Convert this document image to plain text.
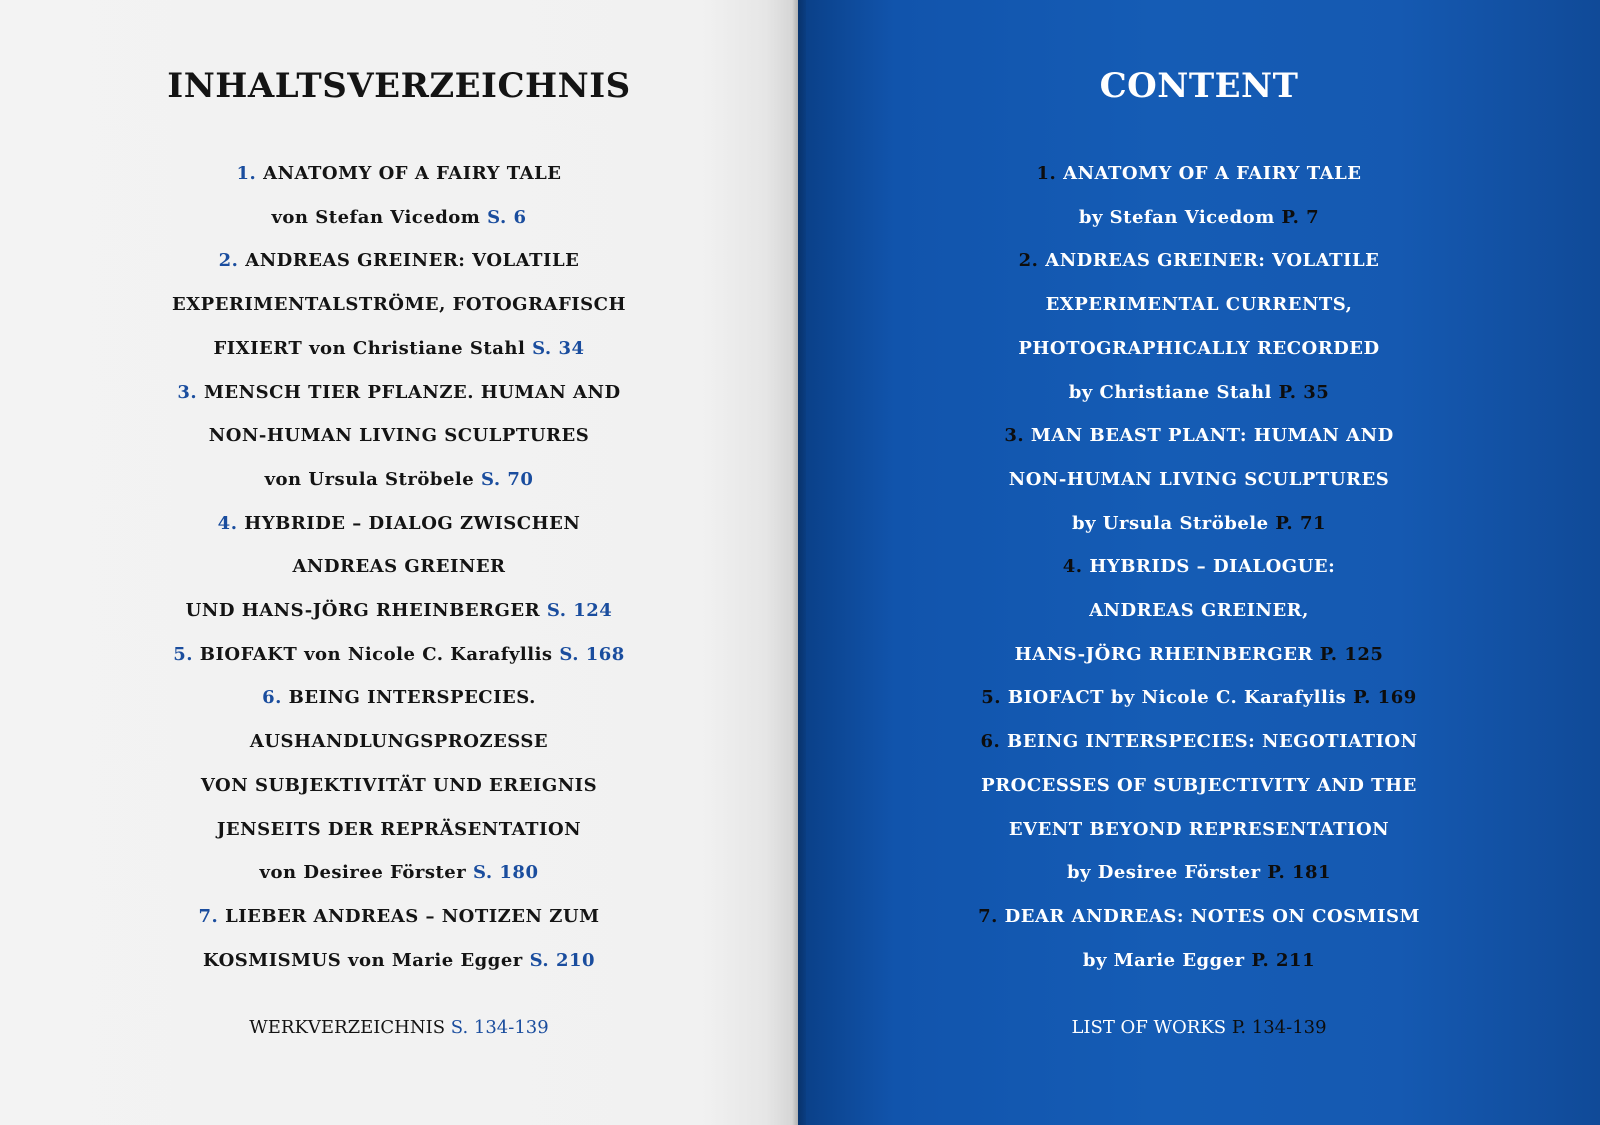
INHALTSVERZEICHNIS
1. ANATOMY OF A FAIRY TALE
von Stefan Vicedom S. 6
2. ANDREAS GREINER: VOLATILE
EXPERIMENTALSTRÖME, FOTOGRAFISCH
FIXIERT von Christiane Stahl S. 34
3. MENSCH TIER PFLANZE. HUMAN AND
NON-HUMAN LIVING SCULPTURES
von Ursula Ströbele S. 70
4. HYBRIDE – DIALOG ZWISCHEN
ANDREAS GREINER
UND HANS-JÖRG RHEINBERGER S. 124
5. BIOFAKT von Nicole C. Karafyllis S. 168
6. BEING INTERSPECIES.
AUSHANDLUNGSPROZESSE
VON SUBJEKTIVITÄT UND EREIGNIS
JENSEITS DER REPRÄSENTATION
von Desiree Förster S. 180
7. LIEBER ANDREAS – NOTIZEN ZUM
KOSMISMUS von Marie Egger S. 210
WERKVERZEICHNIS S. 134-139
CONTENT
1. ANATOMY OF A FAIRY TALE
by Stefan Vicedom P. 7
2. ANDREAS GREINER: VOLATILE
EXPERIMENTAL CURRENTS,
PHOTOGRAPHICALLY RECORDED
by Christiane Stahl P. 35
3. MAN BEAST PLANT: HUMAN AND
NON-HUMAN LIVING SCULPTURES
by Ursula Ströbele P. 71
4. HYBRIDS – DIALOGUE:
ANDREAS GREINER,
HANS-JÖRG RHEINBERGER P. 125
5. BIOFACT by Nicole C. Karafyllis P. 169
6. BEING INTERSPECIES: NEGOTIATION
PROCESSES OF SUBJECTIVITY AND THE
EVENT BEYOND REPRESENTATION
by Desiree Förster P. 181
7. DEAR ANDREAS: NOTES ON COSMISM
by Marie Egger P. 211
LIST OF WORKS P. 134-139
